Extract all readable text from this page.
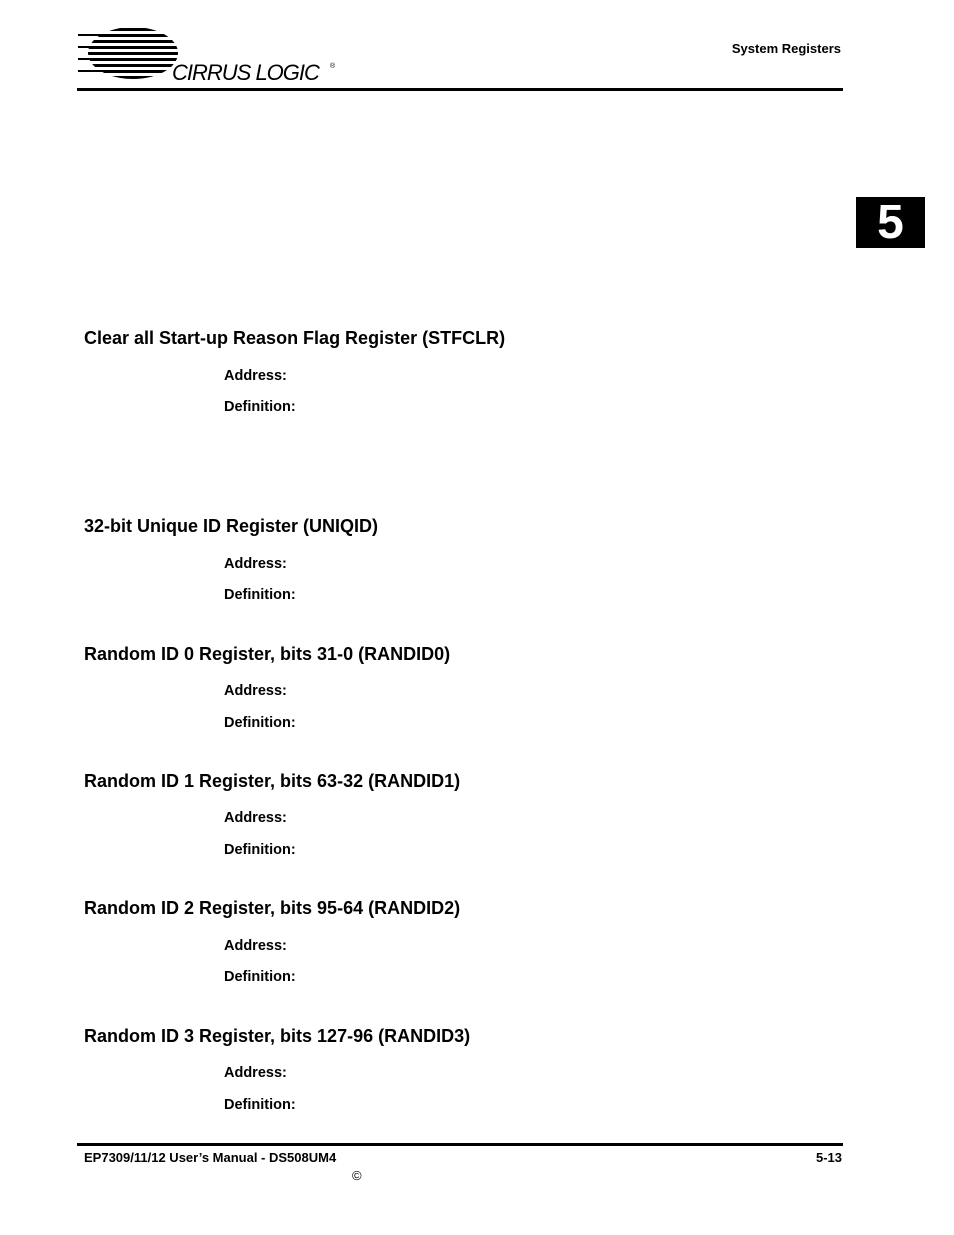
CIRRUS LOGIC ®
System Registers
5
Clear all Start-up Reason Flag Register (STFCLR)
Address:
Definition:
32-bit Unique ID Register (UNIQID)
Address:
Definition:
Random ID 0 Register, bits 31-0 (RANDID0)
Address:
Definition:
Random ID 1 Register, bits 63-32 (RANDID1)
Address:
Definition:
Random ID 2 Register, bits 95-64 (RANDID2)
Address:
Definition:
Random ID 3 Register, bits 127-96 (RANDID3)
Address:
Definition:
EP7309/11/12 User’s Manual - DS508UM4	5-13
©
